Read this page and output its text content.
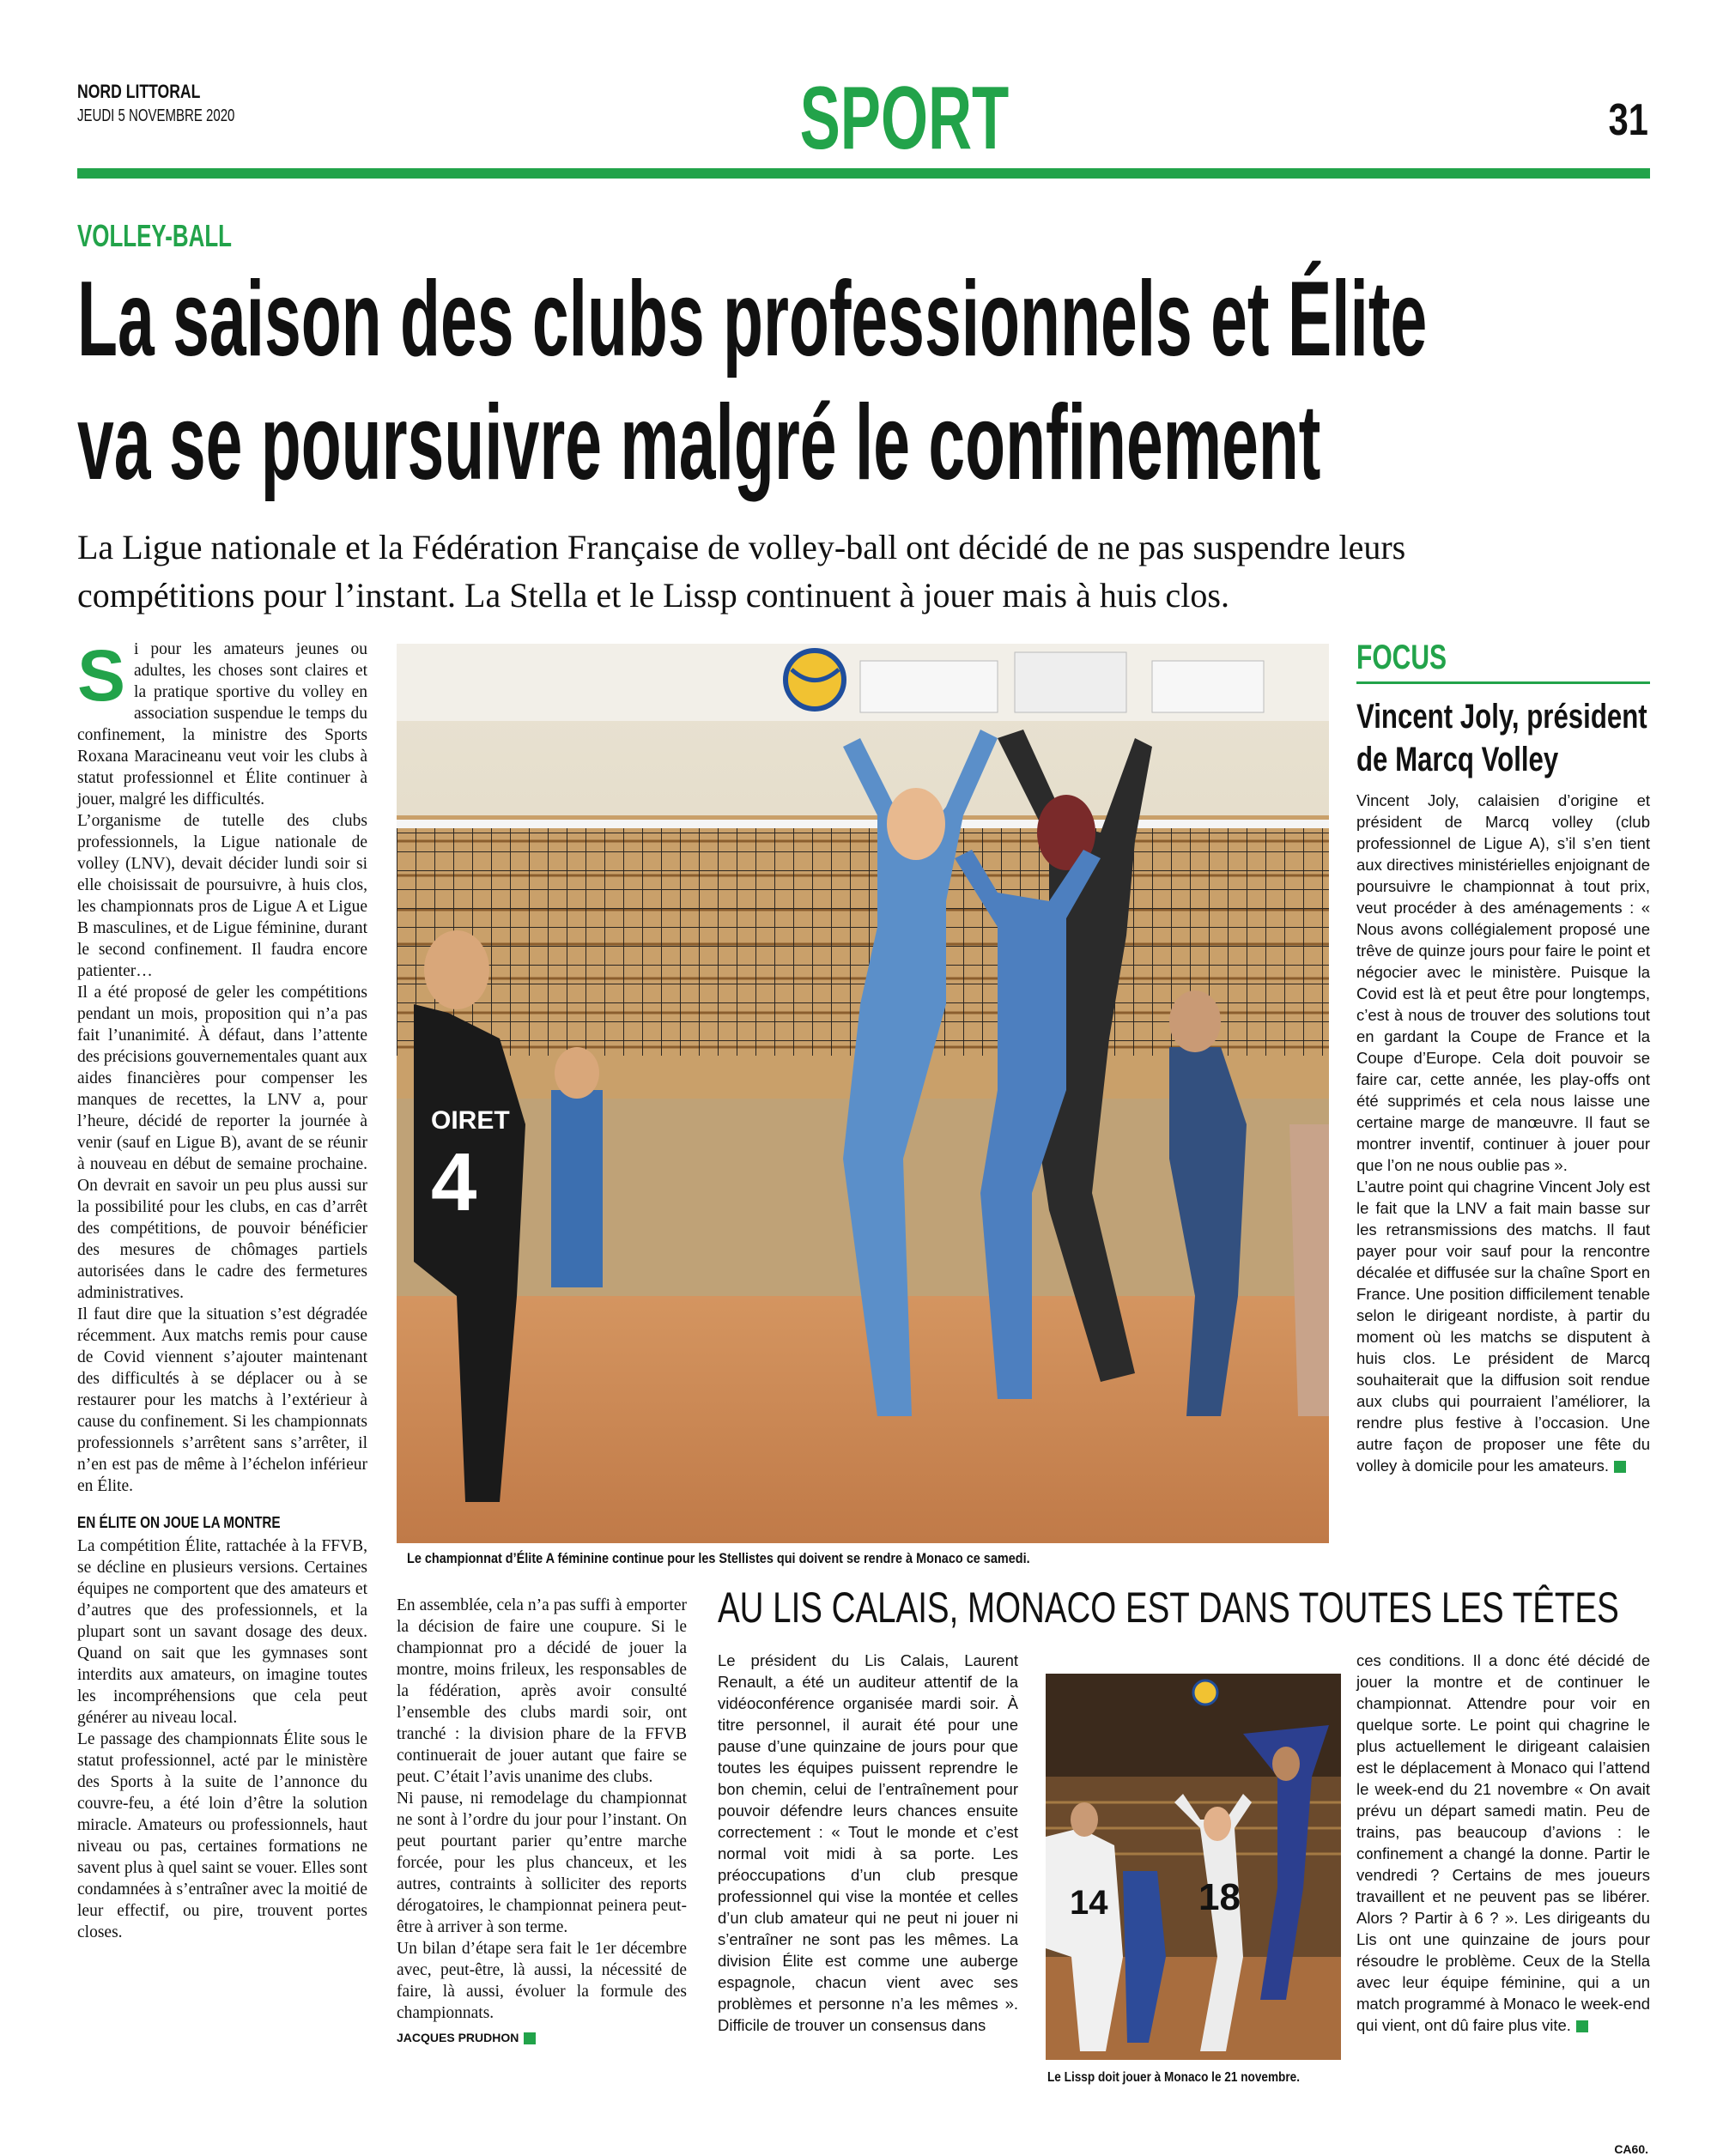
NORD LITTORAL
JEUDI 5 NOVEMBRE 2020	SPORT	31
VOLLEY-BALL
La saison des clubs professionnels et Élite
va se poursuivre malgré le confinement
La Ligue nationale et la Fédération Française de volley-ball ont décidé de ne pas suspendre leurs compétitions pour l’instant. La Stella et le Lissp continuent à jouer mais à huis clos.
S i pour les amateurs jeunes ou adultes, les choses sont claires et la pratique sportive du volley en association suspendue le temps du confinement, la ministre des Sports Roxana Maracineanu veut voir les clubs à statut professionnel et Élite continuer à jouer, malgré les difficultés.

L’organisme de tutelle des clubs professionnels, la Ligue nationale de volley (LNV), devait décider lundi soir si elle choisissait de poursuivre, à huis clos, les championnats pros de Ligue A et Ligue B masculines, et de Ligue féminine, durant le second confinement. Il faudra encore patienter…

Il a été proposé de geler les compétitions pendant un mois, proposition qui n’a pas fait l’unanimité. À défaut, dans l’attente des précisions gouvernementales quant aux aides financières pour compenser les manques de recettes, la LNV a, pour l’heure, décidé de reporter la journée à venir (sauf en Ligue B), avant de se réunir à nouveau en début de semaine prochaine. On devrait en savoir un peu plus aussi sur la possibilité pour les clubs, en cas d’arrêt des compétitions, de pouvoir bénéficier des mesures de chômages partiels autorisées dans le cadre des fermetures administratives.

Il faut dire que la situation s’est dégradée récemment. Aux matchs remis pour cause de Covid viennent s’ajouter maintenant des difficultés à se déplacer ou à se restaurer pour les matchs à l’extérieur à cause du confinement. Si les championnats professionnels s’arrêtent sans s’arrêter, il n’en est pas de même à l’échelon inférieur en Élite.

EN ÉLITE ON JOUE LA MONTRE

La compétition Élite, rattachée à la FFVB, se décline en plusieurs versions. Certaines équipes ne comportent que des amateurs et d’autres que des professionnels, et la plupart sont un savant dosage des deux. Quand on sait que les gymnases sont interdits aux amateurs, on imagine toutes les incompréhensions que cela peut générer au niveau local.

Le passage des championnats Élite sous le statut professionnel, acté par le ministère des Sports à la suite de l’annonce du couvre-feu, a été loin d’être la solution miracle. Amateurs ou professionnels, haut niveau ou pas, certaines formations ne savent plus à quel saint se vouer. Elles sont condamnées à s’entraîner avec la moitié de leur effectif, ou pire, trouvent portes closes.

OIRET
4
Le championnat d’Élite A féminine continue pour les Stellistes qui doivent se rendre à Monaco ce samedi.

En assemblée, cela n’a pas suffi à emporter la décision de faire une coupure. Si le championnat pro a décidé de jouer la montre, moins frileux, les responsables de la fédération, après avoir consulté l’ensemble des clubs mardi soir, ont tranché : la division phare de la FFVB continuerait de jouer autant que faire se peut. C’était l’avis unanime des clubs.

Ni pause, ni remodelage du championnat ne sont à l’ordre du jour pour l’instant. On peut pourtant parier qu’entre marche forcée, pour les plus chanceux, et les autres, contraints à solliciter des reports dérogatoires, le championnat peinera peut-être à arriver à son terme.

Un bilan d’étape sera fait le 1er décembre avec, peut-être, là aussi, la nécessité de faire, là aussi, évoluer la formule des championnats.

JACQUES PRUDHON
FOCUS
Vincent Joly, président de Marcq Volley

Vincent Joly, calaisien d’origine et président de Marcq volley (club professionnel de Ligue A), s’il s’en tient aux directives ministérielles enjoignant de poursuivre le championnat à tout prix, veut procéder à des aménagements : « Nous avons collégialement proposé une trêve de quinze jours pour faire le point et négocier avec le ministère. Puisque la Covid est là et peut être pour longtemps, c’est à nous de trouver des solutions tout en gardant la Coupe de France et la Coupe d’Europe. Cela doit pouvoir se faire car, cette année, les play-offs ont été supprimés et cela nous laisse une certaine marge de manœuvre. Il faut se montrer inventif, continuer à jouer pour que l’on ne nous oublie pas ».

L’autre point qui chagrine Vincent Joly est le fait que la LNV a fait main basse sur les retransmissions des matchs. Il faut payer pour voir sauf pour la rencontre décalée et diffusée sur la chaîne Sport en France. Une position difficilement tenable selon le dirigeant nordiste, à partir du moment où les matchs se disputent à huis clos. Le président de Marcq souhaiterait que la diffusion soit rendue aux clubs qui pourraient l’améliorer, la rendre plus festive à l’occasion. Une autre façon de proposer une fête du volley à domicile pour les amateurs.

AU LIS CALAIS, MONACO EST DANS TOUTES LES TÊTES

Le président du Lis Calais, Laurent Renault, a été un auditeur attentif de la vidéoconférence organisée mardi soir. À titre personnel, il aurait été pour une pause d’une quinzaine de jours pour que toutes les équipes puissent reprendre le bon chemin, celui de l’entraînement pour pouvoir défendre leurs chances ensuite correctement : « Tout le monde et c’est normal voit midi à sa porte. Les préoccupations d’un club presque professionnel qui vise la montée et celles d’un club amateur qui ne peut ni jouer ni s’entraîner ne sont pas les mêmes. La division Élite est comme une auberge espagnole, chacun vient avec ses problèmes et personne n’a les mêmes ». Difficile de trouver un consensus dans

14 18
Le Lissp doit jouer à Monaco le 21 novembre.

ces conditions. Il a donc été décidé de jouer la montre et de continuer le championnat. Attendre pour voir en quelque sorte. Le point qui chagrine le plus actuellement le dirigeant calaisien est le déplacement à Monaco qui l’attend le week-end du 21 novembre « On avait prévu un départ samedi matin. Peu de trains, pas beaucoup d’avions : le confinement a changé la donne. Partir le vendredi ? Certains de mes joueurs travaillent et ne peuvent pas se libérer. Alors ? Partir à 6 ? ». Les dirigeants du Lis ont une quinzaine de jours pour résoudre le problème. Ceux de la Stella avec leur équipe féminine, qui a un match programmé à Monaco le week-end qui vient, ont dû faire plus vite.

CA60.
